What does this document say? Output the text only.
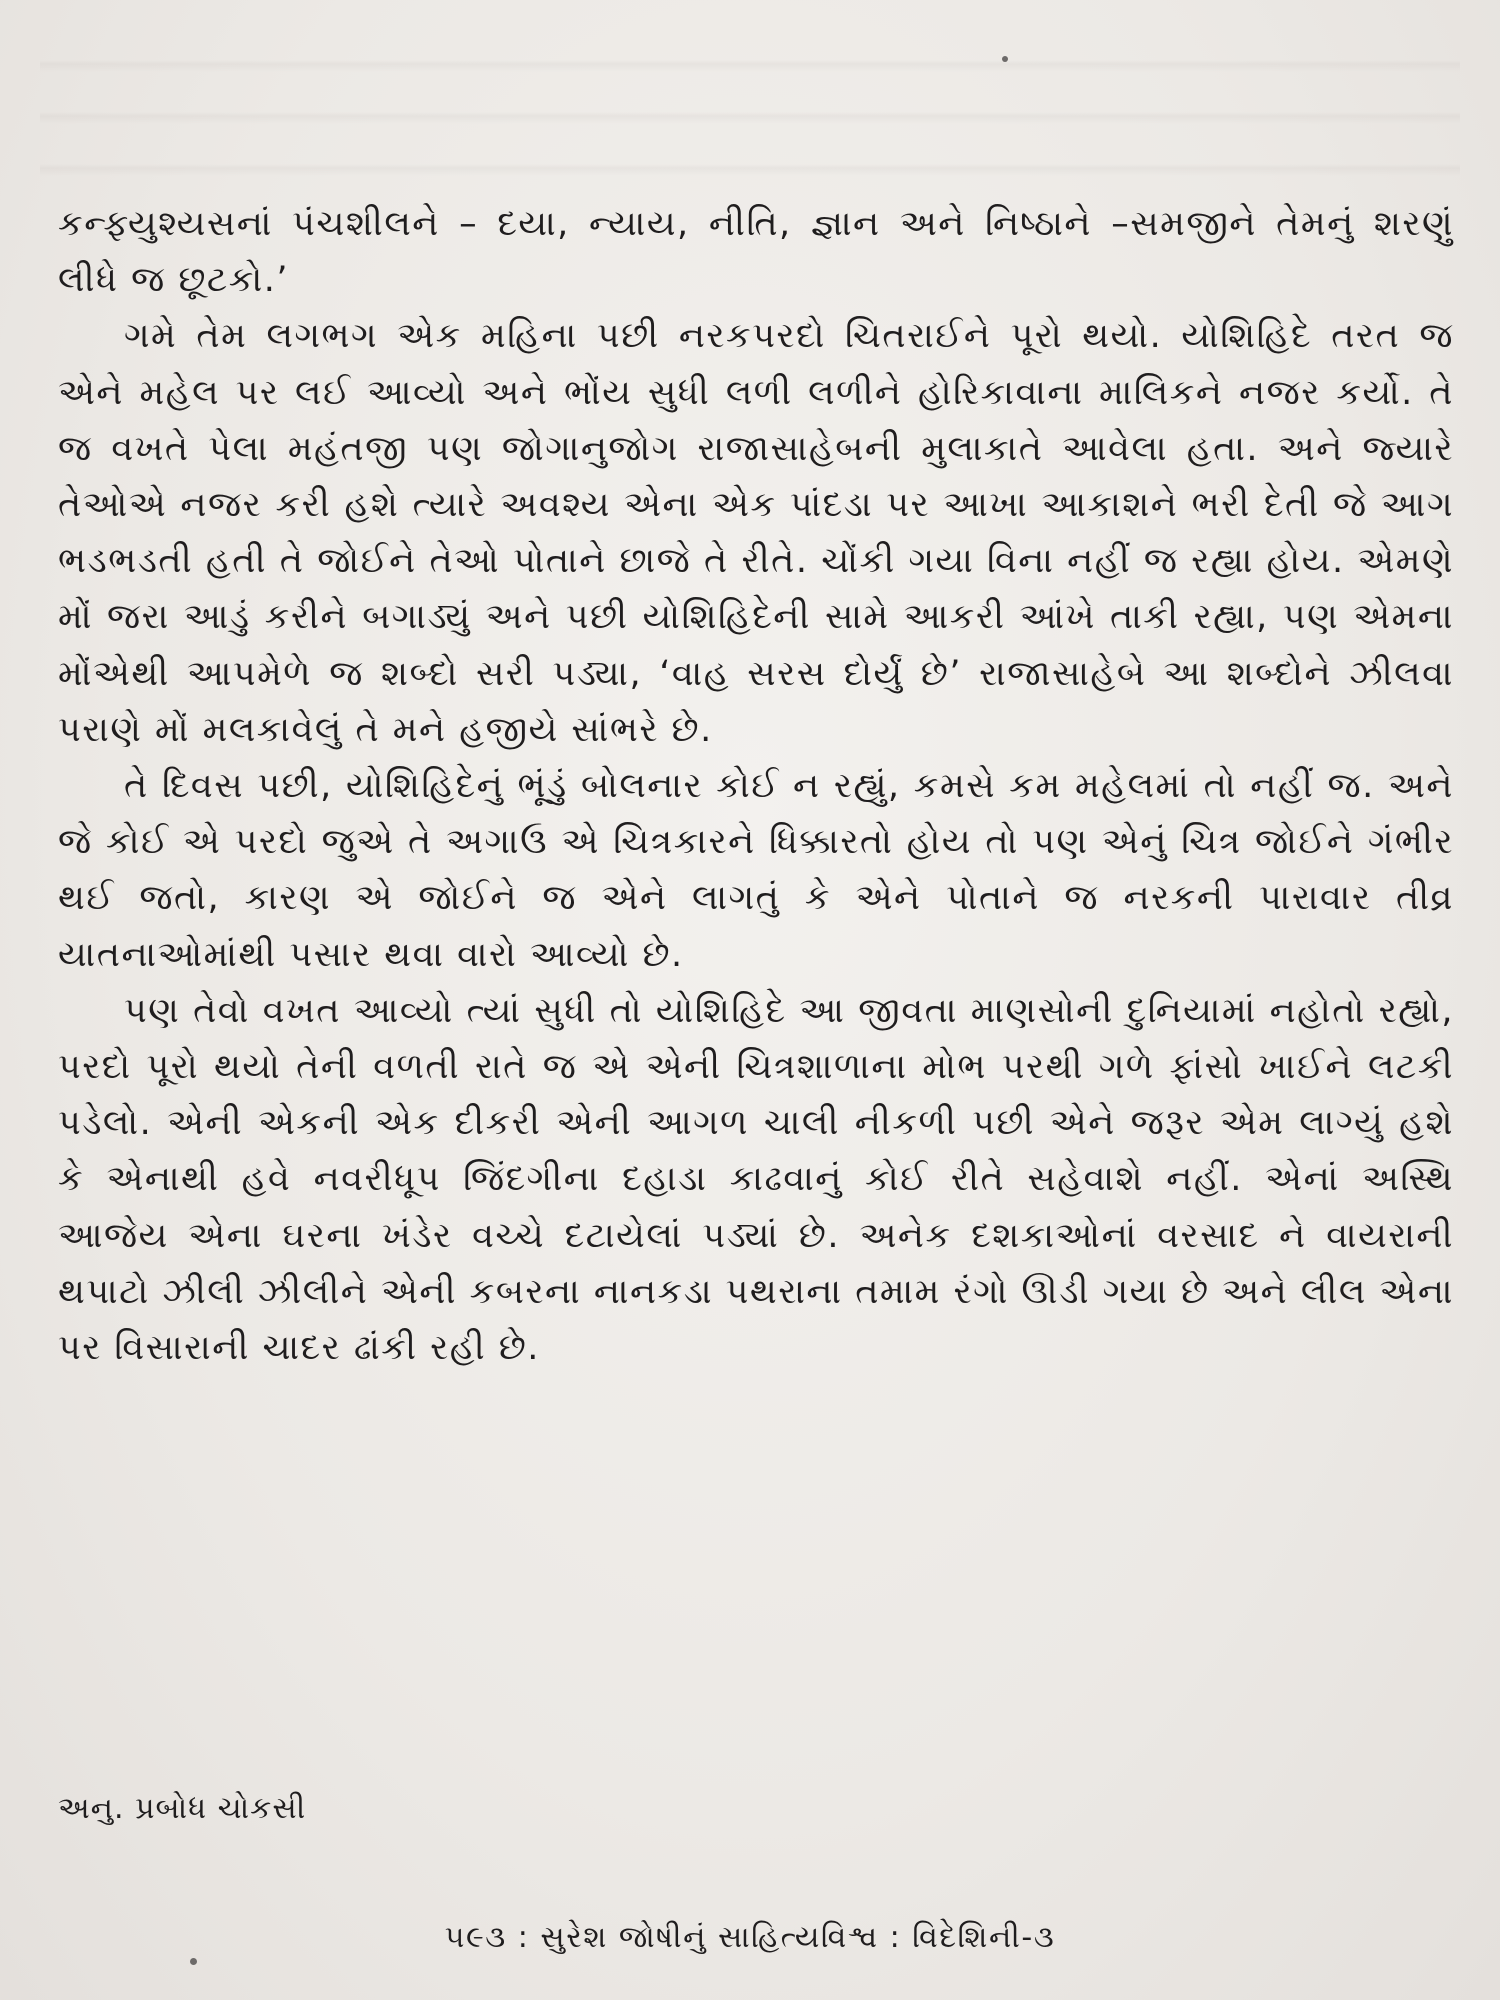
કન્ફ્યુશ્યસનાં પંચશીલને – દયા, ન્યાય, નીતિ, જ્ઞાન અને નિષ્ઠાને –સમજીને તેમનું શરણું લીધે જ છૂટકો.’

ગમે તેમ લગભગ એક મહિના પછી નરકપરદો ચિતરાઈને પૂરો થયો. યોશિહિદે તરત જ એને મહેલ પર લઈ આવ્યો અને ભોંય સુધી લળી લળીને હોરિકાવાના માલિકને નજર કર્યો. તે જ વખતે પેલા મહંતજી પણ જોગાનુજોગ રાજાસાહેબની મુલાકાતે આવેલા હતા. અને જ્યારે તેઓએ નજર કરી હશે ત્યારે અવશ્ય એના એક પાંદડા પર આખા આકાશને ભરી દેતી જે આગ ભડભડતી હતી તે જોઈને તેઓ પોતાને છાજે તે રીતે. ચોંકી ગયા વિના નહીં જ રહ્યા હોય. એમણે મોં જરા આડું કરીને બગાડ્યું અને પછી યોશિહિદેની સામે આકરી આંખે તાકી રહ્યા, પણ એમના મોંએથી આપમેળે જ શબ્દો સરી પડ્યા, ‘વાહ સરસ દોર્યું છે’ રાજાસાહેબે આ શબ્દોને ઝીલવા પરાણે મોં મલકાવેલું તે મને હજીયે સાંભરે છે.

તે દિવસ પછી, યોશિહિદેનું ભૂંડું બોલનાર કોઈ ન રહ્યું, કમસે કમ મહેલમાં તો નહીં જ. અને જે કોઈ એ પરદો જુએ તે અગાઉ એ ચિત્રકારને ધિક્કારતો હોય તો પણ એનું ચિત્ર જોઈને ગંભીર થઈ જતો, કારણ એ જોઈને જ એને લાગતું કે એને પોતાને જ નરકની પારાવાર તીવ્ર યાતનાઓમાંથી પસાર થવા વારો આવ્યો છે.

પણ તેવો વખત આવ્યો ત્યાં સુધી તો યોશિહિદે આ જીવતા માણસોની દુનિયામાં નહોતો રહ્યો, પરદો પૂરો થયો તેની વળતી રાતે જ એ એની ચિત્રશાળાના મોભ પરથી ગળે ફાંસો ખાઈને લટકી પડેલો. એની એકની એક દીકરી એની આગળ ચાલી નીકળી પછી એને જરૂર એમ લાગ્યું હશે કે એનાથી હવે નવરીધૂપ જિંદગીના દહાડા કાઢવાનું કોઈ રીતે સહેવાશે નહીં. એનાં અસ્થિ આજેય એના ઘરના ખંડેર વચ્ચે દટાયેલાં પડ્યાં છે. અનેક દશકાઓનાં વરસાદ ને વાયરાની થપાટો ઝીલી ઝીલીને એની કબરના નાનકડા પથરાના તમામ રંગો ઊડી ગયા છે અને લીલ એના પર વિસારાની ચાદર ઢાંકી રહી છે.

અનુ. પ્રબોધ ચોકસી

૫૯૩ : સુરેશ જોષીનું સાહિત્યવિશ્વ : વિદેશિની-૩
